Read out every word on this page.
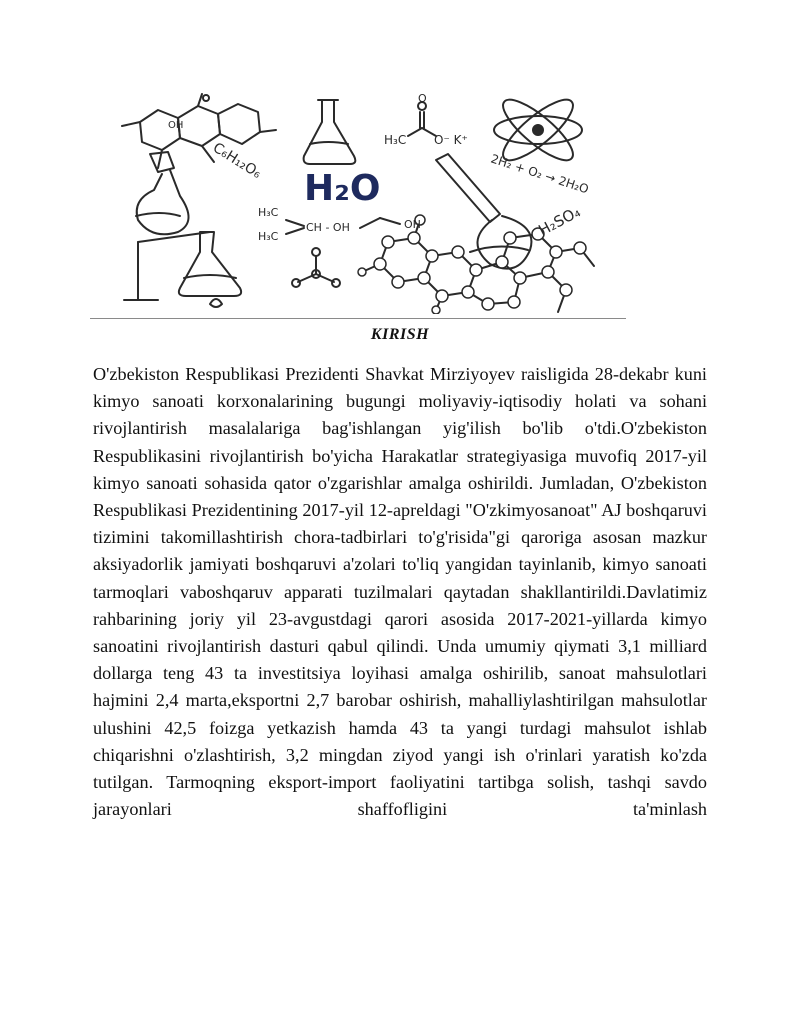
H₂O
C₆H₁₂O₆	H₃C O⁻ K⁺
O
2H₂ + O₂ → 2H₂O
H₃C
H₃C
CH - OH	OH	H₂SO₄
OH
KIRISH

O'zbekiston Respublikasi Prezidenti Shavkat Mirziyoyev raisligida 28-dekabr kuni kimyo sanoati korxonalarining bugungi moliyaviy-iqtisodiy holati va sohani rivojlantirish masalalariga bag'ishlangan yig'ilish bo'lib o'tdi.O'zbekiston Respublikasini rivojlantirish bo'yicha Harakatlar strategiyasiga muvofiq 2017-yil kimyo sanoati sohasida qator o'zgarishlar amalga oshirildi. Jumladan, O'zbekiston Respublikasi Prezidentining 2017-yil 12-apreldagi "O'zkimyosanoat" AJ boshqaruvi tizimini takomillashtirish chora-tadbirlari to'g'risida"gi qaroriga asosan mazkur aksiyadorlik jamiyati boshqaruvi a'zolari to'liq yangidan tayinlanib, kimyo sanoati tarmoqlari vaboshqaruv apparati tuzilmalari qaytadan shakllantirildi.Davlatimiz rahbarining joriy yil 23-avgustdagi qarori asosida 2017-2021-yillarda kimyo sanoatini rivojlantirish dasturi qabul qilindi. Unda umumiy qiymati 3,1 milliard dollarga teng 43 ta investitsiya loyihasi amalga oshirilib, sanoat mahsulotlari hajmini 2,4 marta,eksportni 2,7 barobar oshirish, mahalliylashtirilgan mahsulotlar ulushini 42,5 foizga yetkazish hamda 43 ta yangi turdagi mahsulot ishlab chiqarishni o'zlashtirish, 3,2 mingdan ziyod yangi ish o'rinlari yaratish ko'zda tutilgan. Tarmoqning eksport-import faoliyatini tartibga solish, tashqi savdo jarayonlari shaffofligini ta'minlash
